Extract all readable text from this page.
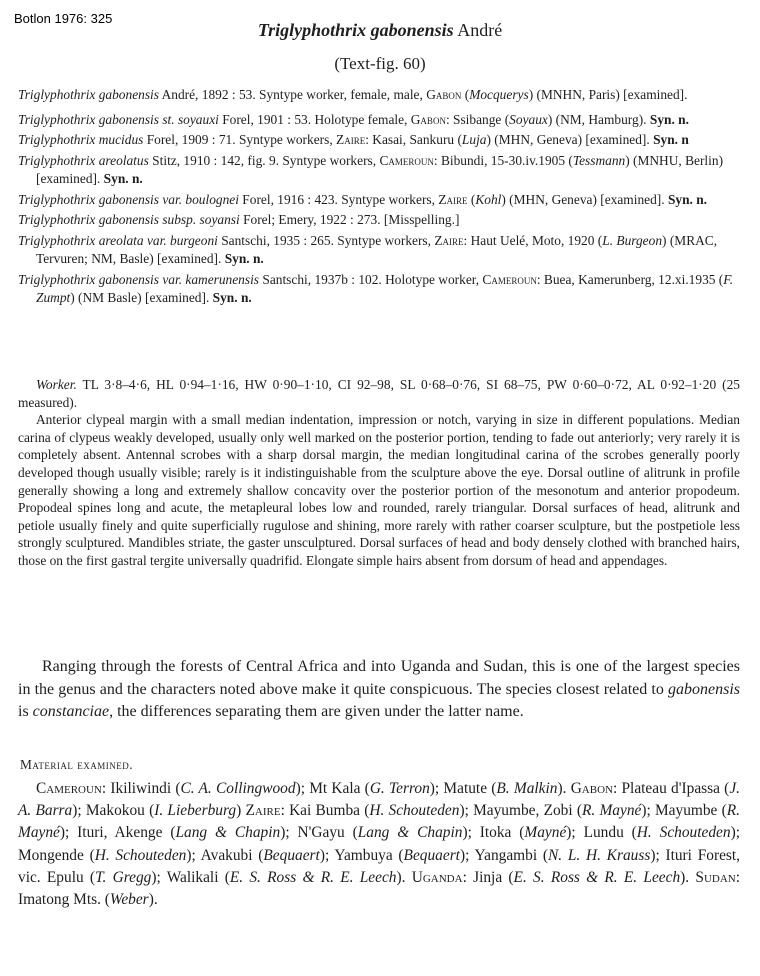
Botlon 1976: 325
Triglyphothrix gabonensis André
(Text-fig. 60)

Triglyphothrix gabonensis André, 1892 : 53. Syntype worker, female, male, Gabon (Mocquerys) (MNHN, Paris) [examined].

Triglyphothrix gabonensis st. soyauxi Forel, 1901 : 53. Holotype female, Gabon: Ssibange (Soyaux) (NM, Hamburg). Syn. n.

Triglyphothrix mucidus Forel, 1909 : 71. Syntype workers, Zaire: Kasai, Sankuru (Luja) (MHN, Geneva) [examined]. Syn. n

Triglyphothrix areolatus Stitz, 1910 : 142, fig. 9. Syntype workers, Cameroun: Bibundi, 15-30.iv.1905 (Tessmann) (MNHU, Berlin) [examined]. Syn. n.

Triglyphothrix gabonensis var. boulognei Forel, 1916 : 423. Syntype workers, Zaire (Kohl) (MHN, Geneva) [examined]. Syn. n.

Triglyphothrix gabonensis subsp. soyansi Forel; Emery, 1922 : 273. [Misspelling.]

Triglyphothrix areolata var. burgeoni Santschi, 1935 : 265. Syntype workers, Zaire: Haut Uelé, Moto, 1920 (L. Burgeon) (MRAC, Tervuren; NM, Basle) [examined]. Syn. n.

Triglyphothrix gabonensis var. kamerunensis Santschi, 1937b : 102. Holotype worker, Cameroun: Buea, Kamerunberg, 12.xi.1935 (F. Zumpt) (NM Basle) [examined]. Syn. n.

Worker. TL 3·8–4·6, HL 0·94–1·16, HW 0·90–1·10, CI 92–98, SL 0·68–0·76, SI 68–75, PW 0·60–0·72, AL 0·92–1·20 (25 measured).

Anterior clypeal margin with a small median indentation, impression or notch, varying in size in different populations. Median carina of clypeus weakly developed, usually only well marked on the posterior portion, tending to fade out anteriorly; very rarely it is completely absent. Antennal scrobes with a sharp dorsal margin, the median longitudinal carina of the scrobes generally poorly developed though usually visible; rarely is it indistinguishable from the sculpture above the eye. Dorsal outline of alitrunk in profile generally showing a long and extremely shallow concavity over the posterior portion of the mesonotum and anterior propodeum. Propodeal spines long and acute, the metapleural lobes low and rounded, rarely triangular. Dorsal surfaces of head, alitrunk and petiole usually finely and quite superficially rugulose and shining, more rarely with rather coarser sculpture, but the postpetiole less strongly sculptured. Mandibles striate, the gaster unsculptured. Dorsal surfaces of head and body densely clothed with branched hairs, those on the first gastral tergite universally quadrifid. Elongate simple hairs absent from dorsum of head and appendages.

Ranging through the forests of Central Africa and into Uganda and Sudan, this is one of the largest species in the genus and the characters noted above make it quite conspicuous. The species closest related to gabonensis is constanciae, the differences separating them are given under the latter name.

Material examined.

Cameroun: Ikiliwindi (C. A. Collingwood); Mt Kala (G. Terron); Matute (B. Malkin). Gabon: Plateau d'Ipassa (J. A. Barra); Makokou (I. Lieberburg) Zaire: Kai Bumba (H. Schouteden); Mayumbe, Zobi (R. Mayné); Mayumbe (R. Mayné); Ituri, Akenge (Lang & Chapin); N'Gayu (Lang & Chapin); Itoka (Mayné); Lundu (H. Schouteden); Mongende (H. Schouteden); Avakubi (Bequaert); Yambuya (Bequaert); Yangambi (N. L. H. Krauss); Ituri Forest, vic. Epulu (T. Gregg); Walikali (E. S. Ross & R. E. Leech). Uganda: Jinja (E. S. Ross & R. E. Leech). Sudan: Imatong Mts. (Weber).
